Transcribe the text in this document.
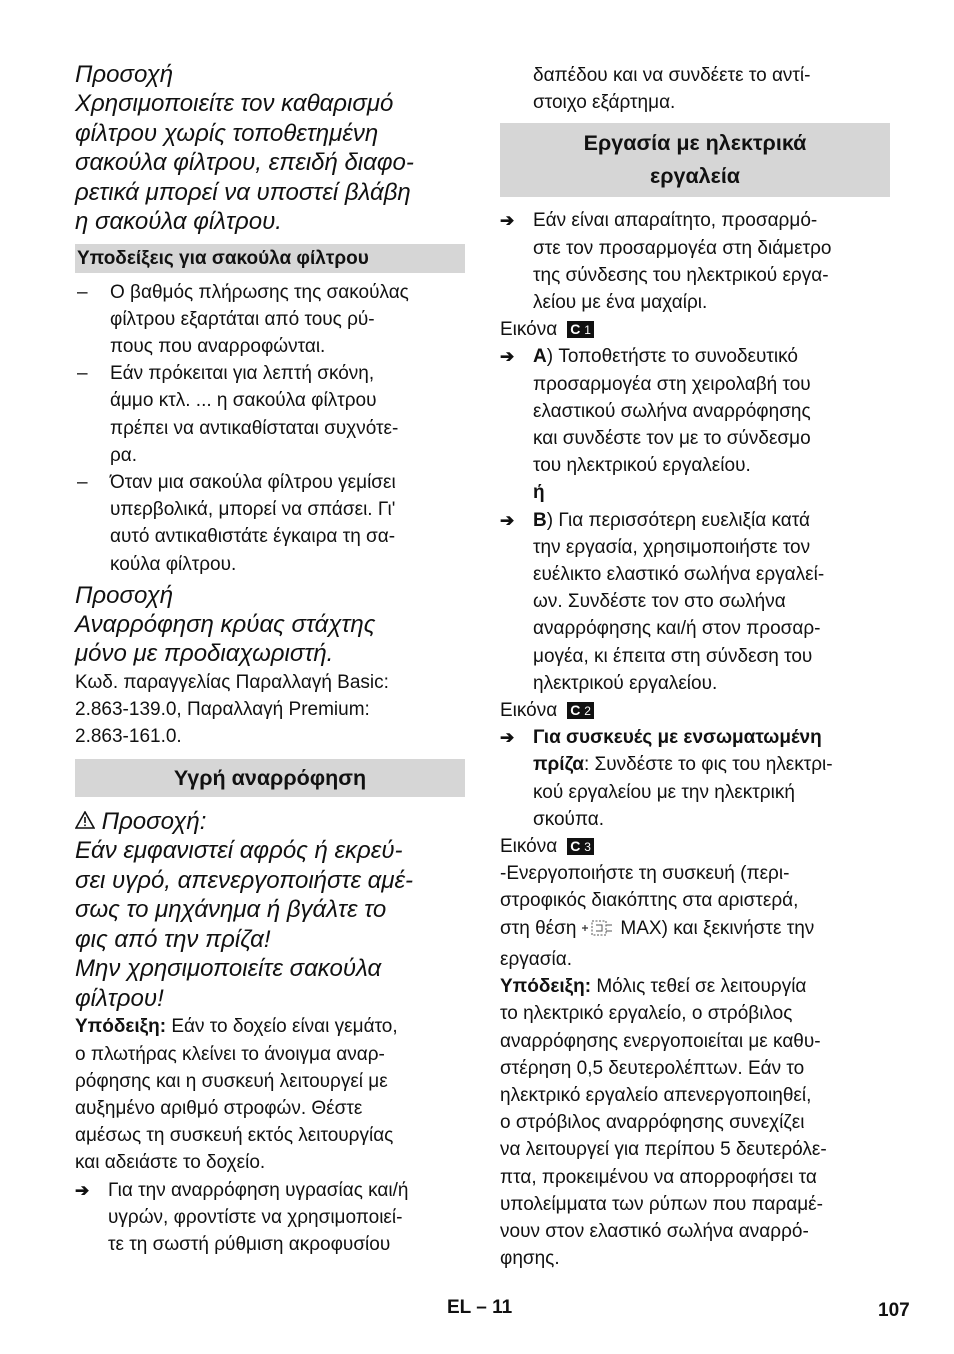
Προσοχή

Χρησιμοποιείτε τον καθαρισμό

φίλτρου χωρίς τοποθετημένη

σακούλα φίλτρου, επειδή διαφο-

ρετικά μπορεί να υποστεί βλάβη

η σακούλα φίλτρου.

Υποδείξεις για σακούλα φίλτρου
–	Ο βαθμός πλήρωσης της σακούλας

φίλτρου εξαρτάται από τους ρύ-

πους που αναρροφώνται.

–	Εάν πρόκειται για λεπτή σκόνη,

άμμο κτλ. ... η σακούλα φίλτρου

πρέπει να αντικαθίσταται συχνότε-

ρα.

–	Όταν μια σακούλα φίλτρου γεμίσει

υπερβολικά, μπορεί να σπάσει. Γι'

αυτό αντικαθιστάτε έγκαιρα τη σα-

κούλα φίλτρου.

Προσοχή

Αναρρόφηση κρύας στάχτης

μόνο με προδιαχωριστή.

Κωδ. παραγγελίας Παραλλαγή Basic:

2.863-139.0, Παραλλαγή Premium:

2.863-161.0.

Υγρή αναρρόφηση

Προσοχή:

Εάν εμφανιστεί αφρός ή εκρεύ-

σει υγρό, απενεργοποιήστε αμέ-

σως το μηχάνημα ή βγάλτε το

φις από την πρίζα!

Μην χρησιμοποιείτε σακούλα

φίλτρου!

Υπόδειξη: Εάν το δοχείο είναι γεμάτο,

ο πλωτήρας κλείνει το άνοιγμα αναρ-

ρόφησης και η συσκευή λειτουργεί με

αυξημένο αριθμό στροφών. Θέστε

αμέσως τη συσκευή εκτός λειτουργίας

και αδειάστε το δοχείο.

➔ Για την αναρρόφηση υγρασίας και/ή

υγρών, φροντίστε να χρησιμοποιεί-

τε τη σωστή ρύθμιση ακροφυσίου

δαπέδου και να συνδέετε το αντί-

στοιχο εξάρτημα.

Εργασία με ηλεκτρικά
εργαλεία
➔ Εάν είναι απαραίτητο, προσαρμό-

στε τον προσαρμογέα στη διάμετρο

της σύνδεσης του ηλεκτρικού εργα-

λείου με ένα μαχαίρι.

Εικόνα C 1

➔ A) Τοποθετήστε το συνοδευτικό

προσαρμογέα στη χειρολαβή του

ελαστικού σωλήνα αναρρόφησης

και συνδέστε τον με το σύνδεσμο

του ηλεκτρικού εργαλείου.

ή

➔ B) Για περισσότερη ευελιξία κατά

την εργασία, χρησιμοποιήστε τον

ευέλικτο ελαστικό σωλήνα εργαλεί-

ων. Συνδέστε τον στο σωλήνα

αναρρόφησης και/ή στον προσαρ-

μογέα, κι έπειτα στη σύνδεση του

ηλεκτρικού εργαλείου.

Εικόνα C 2

➔ Για συσκευές με ενσωματωμένη

πρίζα: Συνδέστε το φις του ηλεκτρι-

κού εργαλείου με την ηλεκτρική

σκούπα.

Εικόνα C 3

-Ενεργοποιήστε τη συσκευή (περι-

στροφικός διακόπτης στα αριστερά,

στη θέση MAX) και ξεκινήστε την

εργασία.

Υπόδειξη: Μόλις τεθεί σε λειτουργία

το ηλεκτρικό εργαλείο, ο στρόβιλος

αναρρόφησης ενεργοποιείται με καθυ-

στέρηση 0,5 δευτερολέπτων. Εάν το

ηλεκτρικό εργαλείο απενεργοποιηθεί,

ο στρόβιλος αναρρόφησης συνεχίζει

να λειτουργεί για περίπου 5 δευτερόλε-

πτα, προκειμένου να απορροφήσει τα

υπολείμματα των ρύπων που παραμέ-

νουν στον ελαστικό σωλήνα αναρρό-

φησης.

EL – 11	107
